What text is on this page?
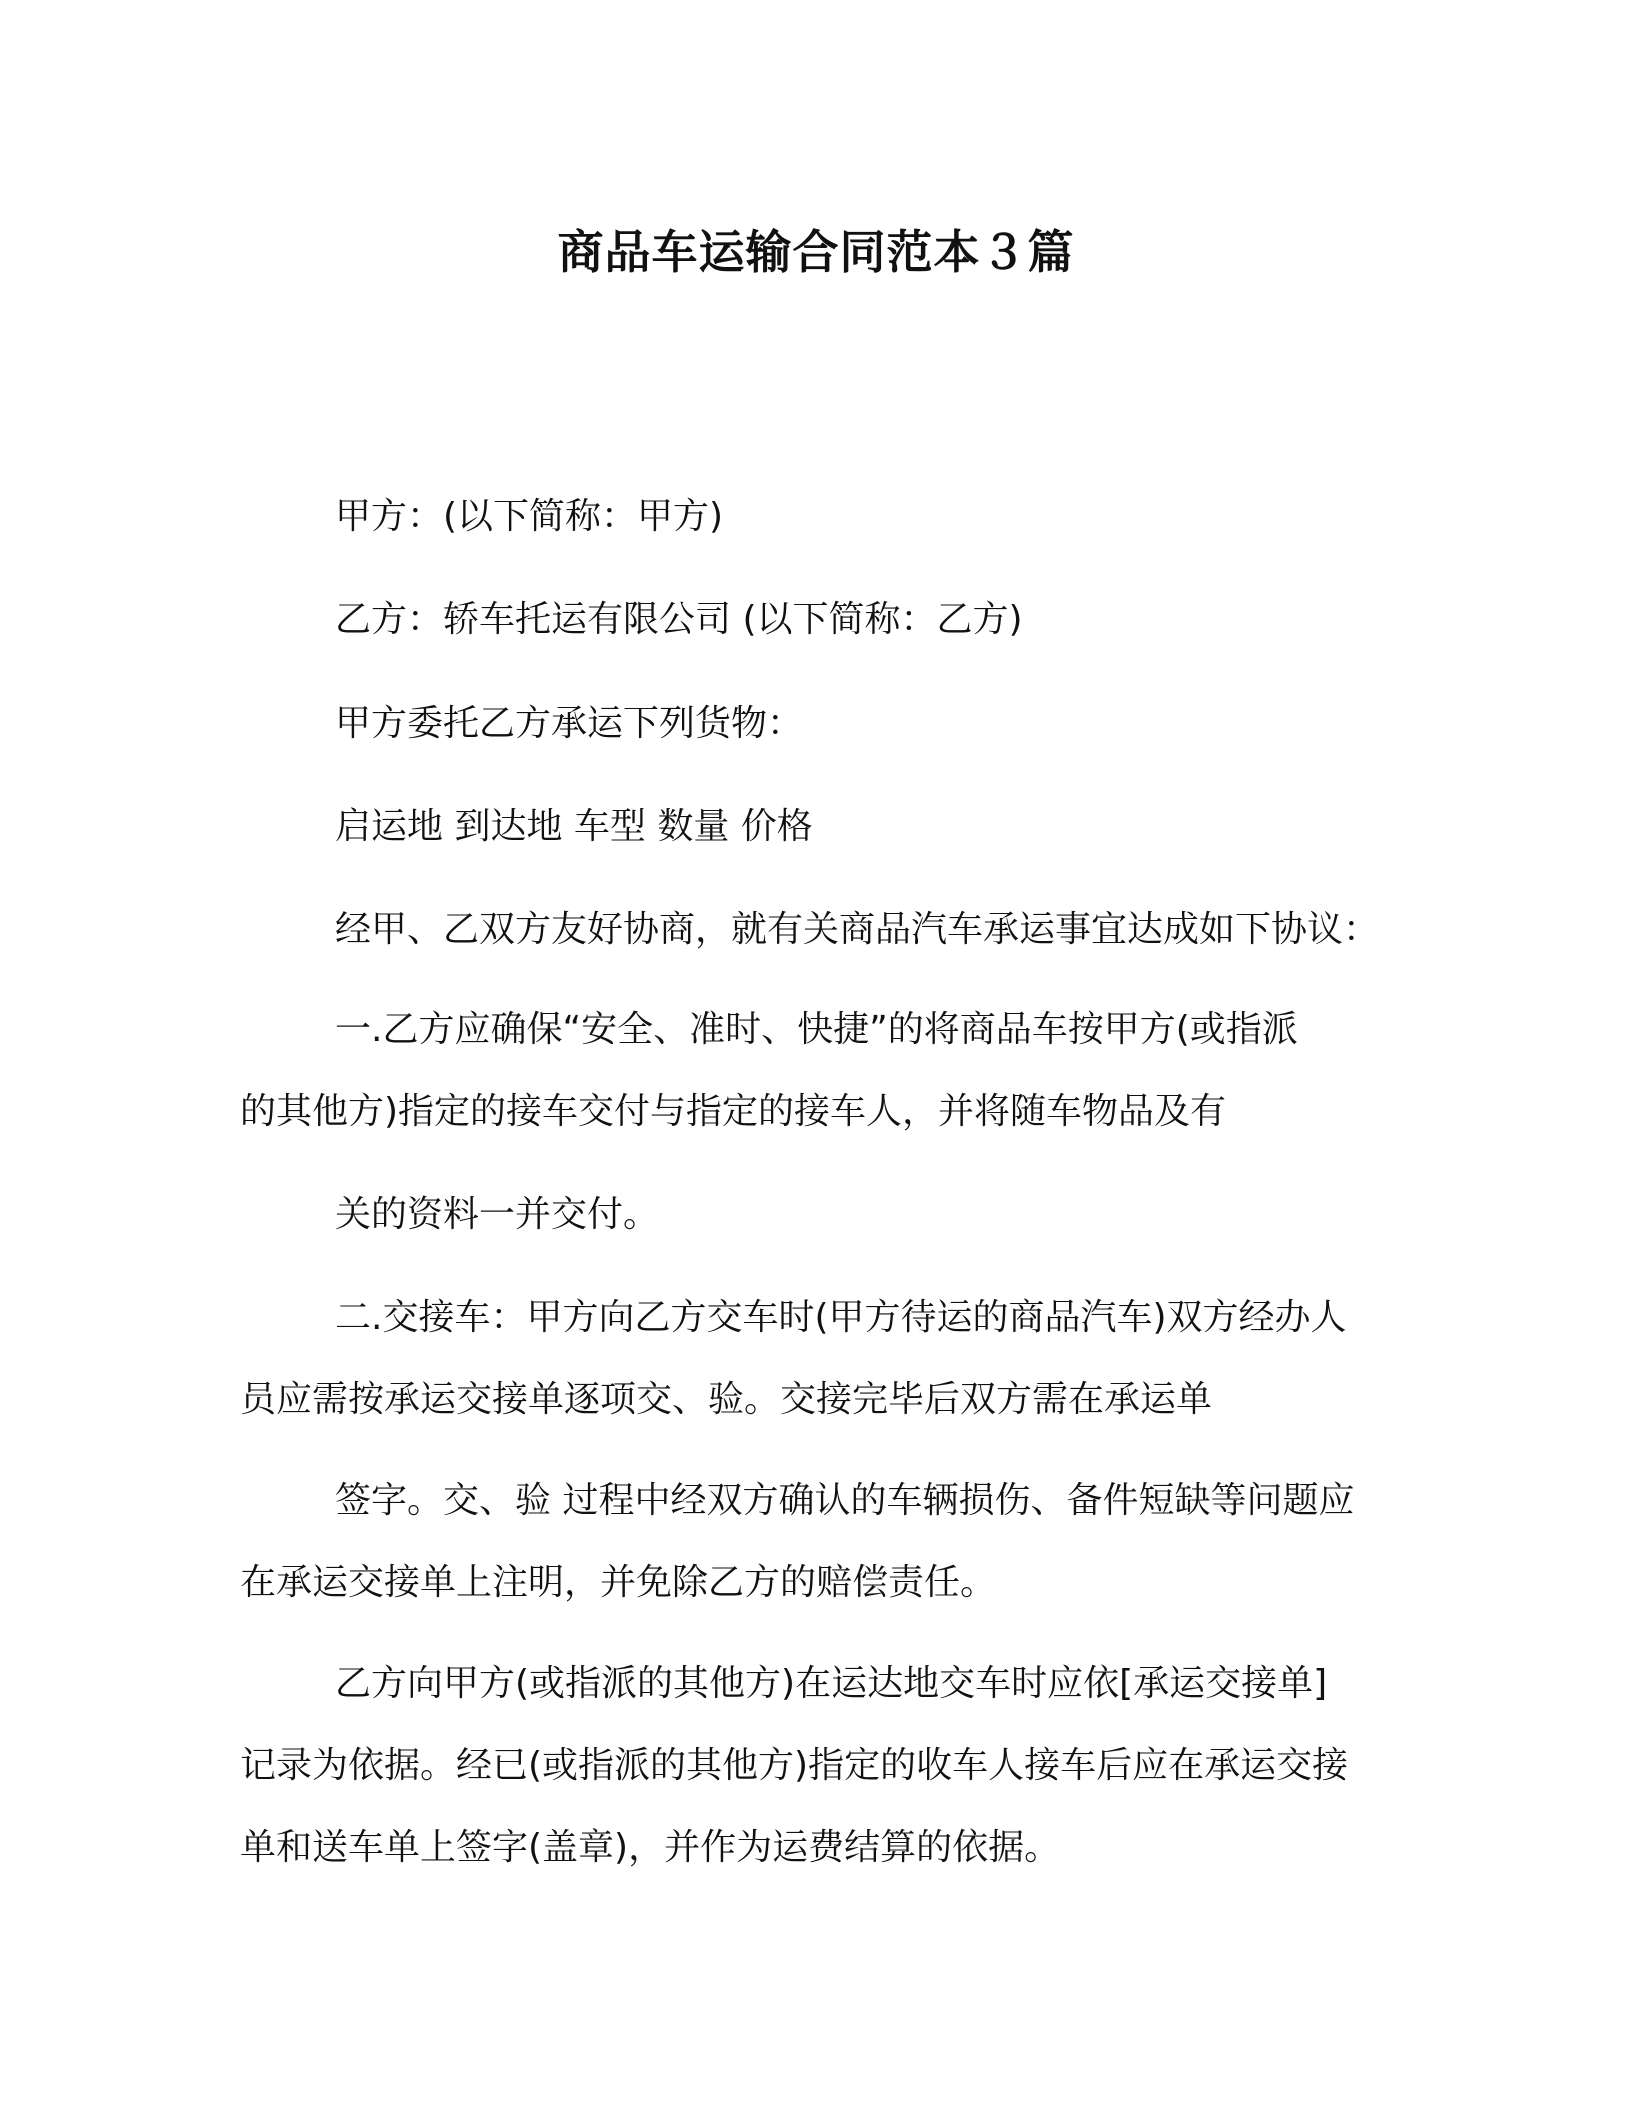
商品车运输合同范本３篇
甲方：(以下简称：甲方)
乙方：轿车托运有限公司 (以下简称：乙方)
甲方委托乙方承运下列货物：
启运地 到达地 车型 数量 价格
经甲、乙双方友好协商，就有关商品汽车承运事宜达成如下协议：
一.乙方应确保“安全、准时、快捷”的将商品车按甲方(或指派
的其他方)指定的接车交付与指定的接车人，并将随车物品及有
关的资料一并交付。
二.交接车：甲方向乙方交车时(甲方待运的商品汽车)双方经办人
员应需按承运交接单逐项交、验。交接完毕后双方需在承运单
签字。交、验 过程中经双方确认的车辆损伤、备件短缺等问题应
在承运交接单上注明，并免除乙方的赔偿责任。
乙方向甲方(或指派的其他方)在运达地交车时应依[承运交接单]
记录为依据。经已(或指派的其他方)指定的收车人接车后应在承运交接
单和送车单上签字(盖章)，并作为运费结算的依据。
